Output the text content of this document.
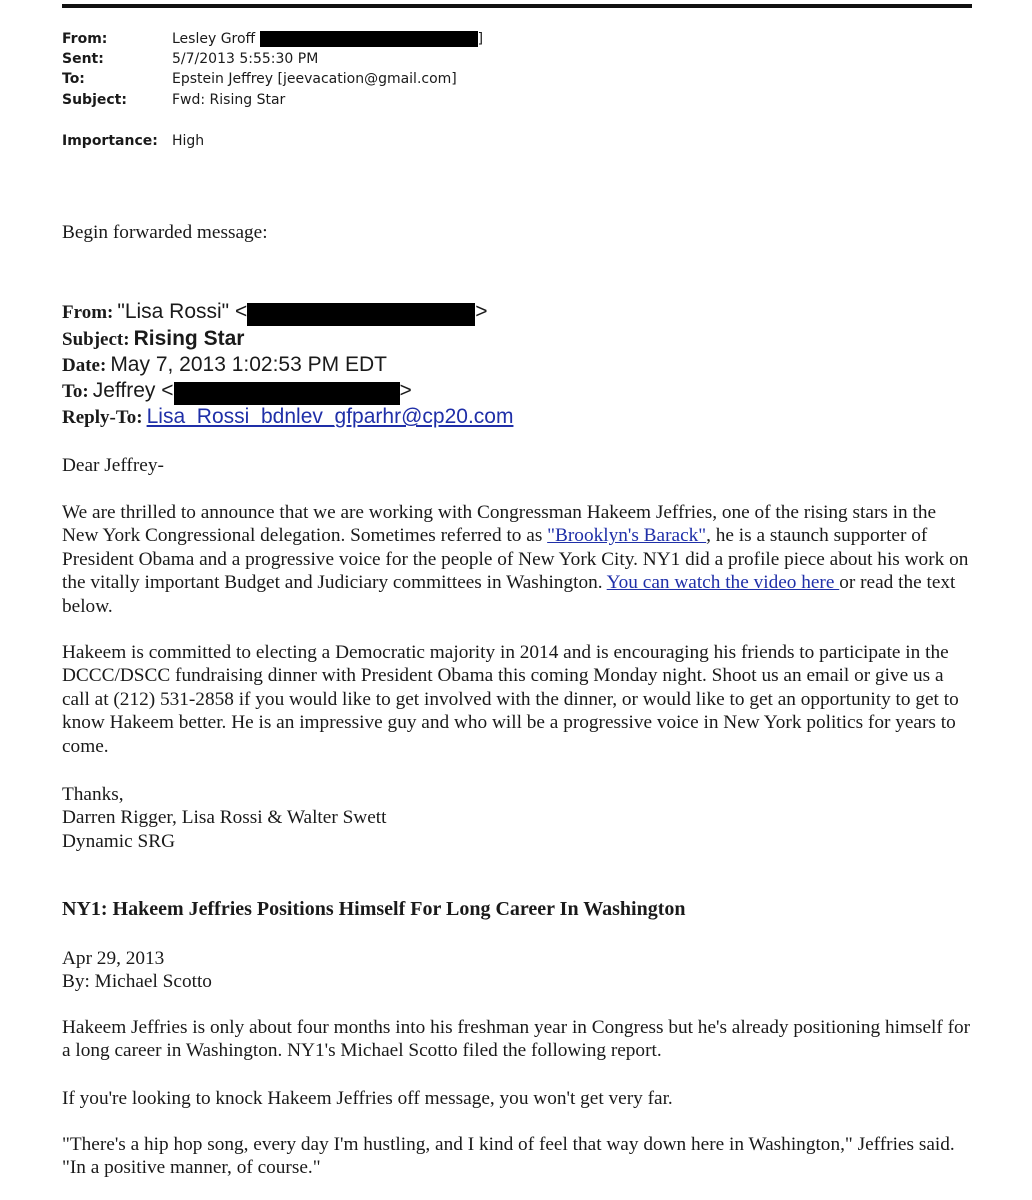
From:	Lesley Groff	]
Sent:	5/7/2013 5:55:30 PM
To:	Epstein Jeffrey [jeevacation@gmail.com]
Subject:	Fwd: Rising Star
Importance: High
Begin forwarded message:
From: "Lisa Rossi" <	>
Subject: Rising Star
Date: May 7, 2013 1:02:53 PM EDT
To: Jeffrey <	>
Reply-To: Lisa_Rossi_bdnlev_gfparhr@cp20.com
Dear Jeffrey-
We are thrilled to announce that we are working with Congressman Hakeem Jeffries, one of the rising stars in the New York Congressional delegation. Sometimes referred to as "Brooklyn's Barack", he is a staunch supporter of President Obama and a progressive voice for the people of New York City. NY1 did a profile piece about his work on the vitally important Budget and Judiciary committees in Washington. You can watch the video here or read the text below.
Hakeem is committed to electing a Democratic majority in 2014 and is encouraging his friends to participate in the DCCC/DSCC fundraising dinner with President Obama this coming Monday night. Shoot us an email or give us a call at (212) 531-2858 if you would like to get involved with the dinner, or would like to get an opportunity to get to know Hakeem better. He is an impressive guy and who will be a progressive voice in New York politics for years to come.
Thanks,
Darren Rigger, Lisa Rossi & Walter Swett
Dynamic SRG
NY1: Hakeem Jeffries Positions Himself For Long Career In Washington
Apr 29, 2013
By: Michael Scotto
Hakeem Jeffries is only about four months into his freshman year in Congress but he's already positioning himself for a long career in Washington. NY1's Michael Scotto filed the following report.
If you're looking to knock Hakeem Jeffries off message, you won't get very far.
"There's a hip hop song, every day I'm hustling, and I kind of feel that way down here in Washington," Jeffries said. "In a positive manner, of course."
